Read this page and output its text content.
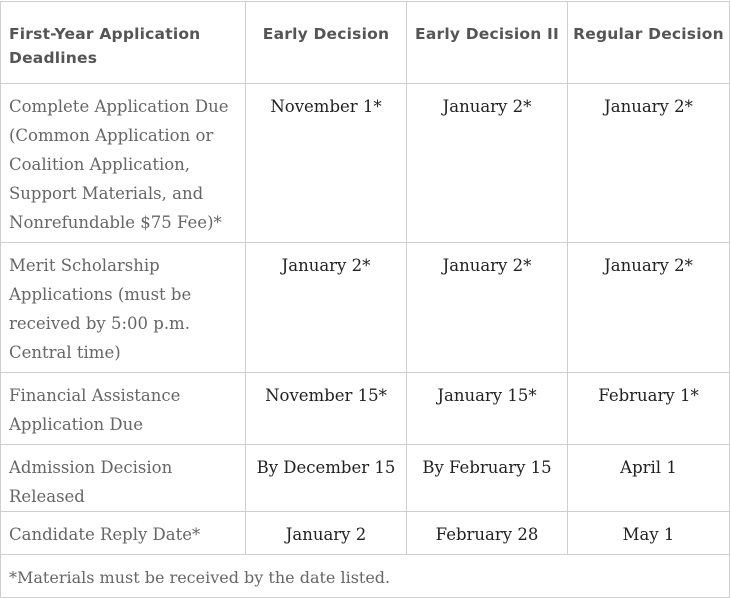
First-Year Application Deadlines	Early Decision	Early Decision II	Regular Decision
Complete Application Due (Common Application or Coalition Application, Support Materials, and Nonrefundable $75 Fee)*	November 1*	January 2*	January 2*
Merit Scholarship Applications (must be received by 5:00 p.m. Central time)	January 2*	January 2*	January 2*
Financial Assistance Application Due	November 15*	January 15*	February 1*
Admission Decision Released	By December 15	By February 15	April 1
Candidate Reply Date*	January 2	February 28	May 1
*Materials must be received by the date listed.			
